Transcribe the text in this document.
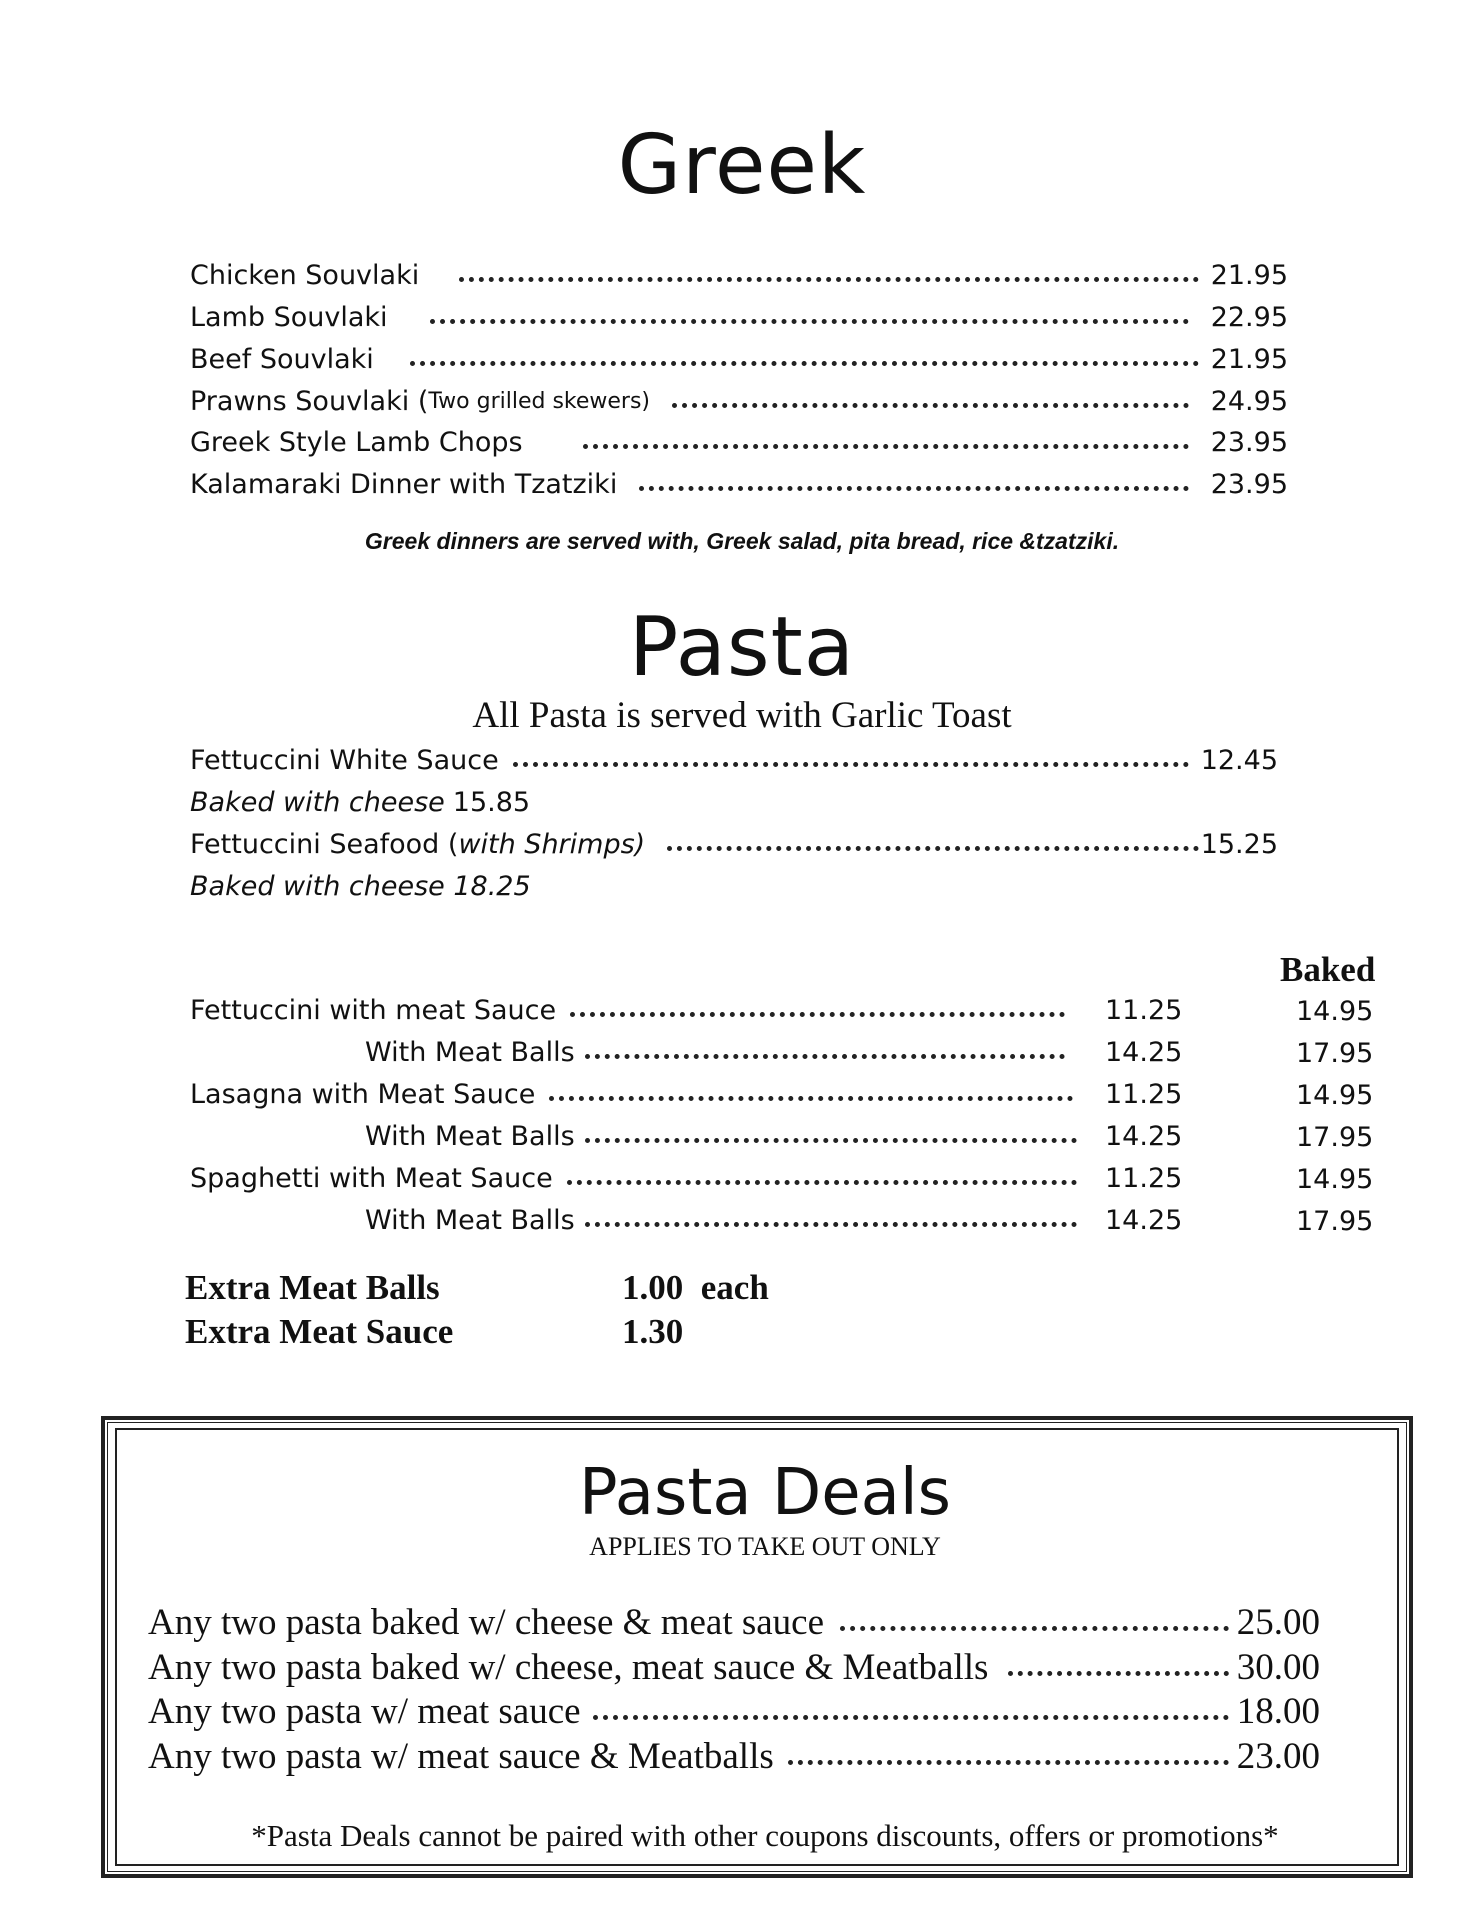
Greek
Chicken Souvlaki	21.95
Lamb Souvlaki	22.95
Beef Souvlaki	21.95
Prawns Souvlaki ( Two grilled skewers)	24.95
Greek Style Lamb Chops	23.95
Kalamaraki Dinner with Tzatziki	23.95
Greek dinners are served with, Greek salad, pita bread, rice &tzatziki.
Pasta
All Pasta is served with Garlic Toast
Fettuccini White Sauce	12.45
Baked with cheese 15.85
Fettuccini Seafood ( with Shrimps)	15.25
Baked with cheese 18.25
Baked
Fettuccini with meat Sauce	11.25	14.95
With Meat Balls	14.25	17.95
Lasagna with Meat Sauce	11.25	14.95
With Meat Balls	14.25	17.95
Spaghetti with Meat Sauce	11.25	14.95
With Meat Balls	14.25	17.95
Extra Meat Balls	1.00  each
Extra Meat Sauce	1.30
Pasta Deals
APPLIES TO TAKE OUT ONLY
Any two pasta baked w/ cheese & meat sauce	25.00
Any two pasta baked w/ cheese, meat sauce & Meatballs	30.00
Any two pasta w/ meat sauce	18.00
Any two pasta w/ meat sauce & Meatballs	23.00
*Pasta Deals cannot be paired with other coupons discounts, offers or promotions*
